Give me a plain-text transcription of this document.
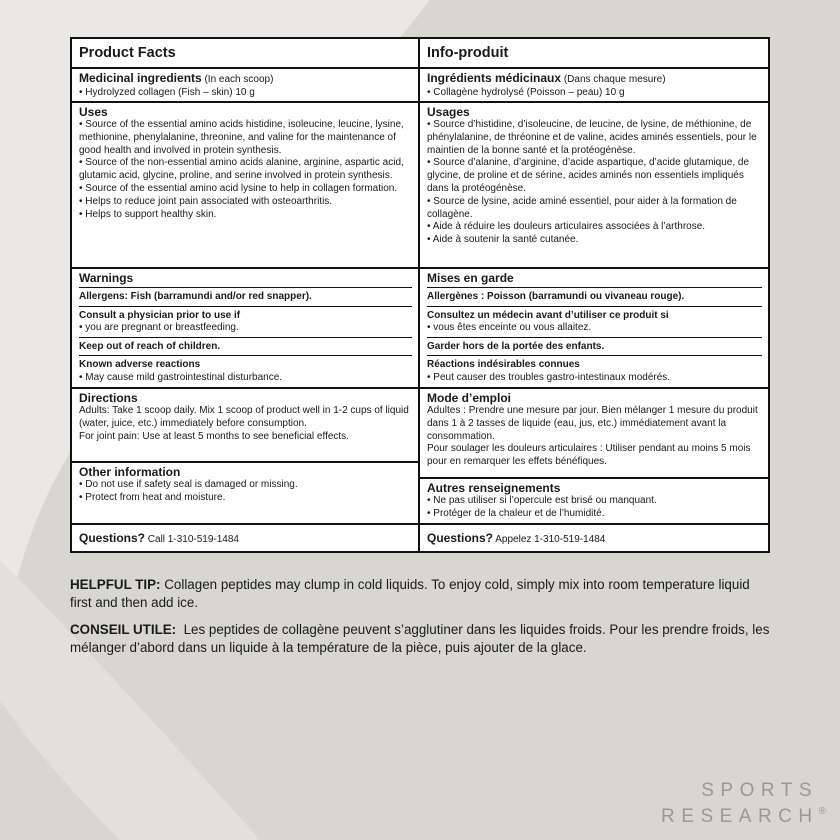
Product Facts
Medicinal ingredients (In each scoop)
• Hydrolyzed collagen (Fish – skin) 10 g
Uses
• Source of the essential amino acids histidine, isoleucine, leucine, lysine, methionine, phenylalanine, threonine, and valine for the maintenance of good health and involved in protein synthesis.
• Source of the non-essential amino acids alanine, arginine, aspartic acid, glutamic acid, glycine, proline, and serine involved in protein synthesis.
• Source of the essential amino acid lysine to help in collagen formation.
• Helps to reduce joint pain associated with osteoarthritis.
• Helps to support healthy skin.
Warnings
Allergens: Fish (barramundi and/or red snapper).
Consult a physician prior to use if
• you are pregnant or breastfeeding.
Keep out of reach of children.
Known adverse reactions
• May cause mild gastrointestinal disturbance.
Directions
Adults: Take 1 scoop daily. Mix 1 scoop of product well in 1-2 cups of liquid (water, juice, etc.) immediately before consumption.
For joint pain: Use at least 5 months to see beneficial effects.
Other information
• Do not use if safety seal is damaged or missing.
• Protect from heat and moisture.
Questions? Call 1-310-519-1484
Info-produit
Ingrédients médicinaux (Dans chaque mesure)
• Collagène hydrolysé (Poisson – peau) 10 g
Usages
• Source d’histidine, d’isoleucine, de leucine, de lysine, de méthionine, de phénylalanine, de thréonine et de valine, acides aminés essentiels, pour le maintien de la bonne santé et la protéogénèse.
• Source d’alanine, d’arginine, d’acide aspartique, d’acide glutamique, de glycine, de proline et de sérine, acides aminés non essentiels impliqués dans la protéogénèse.
• Source de lysine, acide aminé essentiel, pour aider à la formation de collagène.
• Aide à réduire les douleurs articulaires associées à l’arthrose.
• Aide à soutenir la santé cutanée.
Mises en garde
Allergènes : Poisson (barramundi ou vivaneau rouge).
Consultez un médecin avant d’utiliser ce produit si
• vous êtes enceinte ou vous allaitez.
Garder hors de la portée des enfants.
Réactions indésirables connues
• Peut causer des troubles gastro-intestinaux modérés.
Mode d’emploi
Adultes : Prendre une mesure par jour. Bien mélanger 1 mesure du produit dans 1 à 2 tasses de liquide (eau, jus, etc.) immédiatement avant la consommation.
Pour soulager les douleurs articulaires : Utiliser pendant au moins 5 mois pour en remarquer les effets bénéfiques.
Autres renseignements
• Ne pas utiliser si l’opercule est brisé ou manquant.
• Protéger de la chaleur et de l’humidité.
Questions? Appelez 1-310-519-1484
HELPFUL TIP: Collagen peptides may clump in cold liquids. To enjoy cold, simply mix into room temperature liquid first and then add ice.
CONSEIL UTILE:  Les peptides de collagène peuvent s’agglutiner dans les liquides froids. Pour les prendre froids, les mélanger d’abord dans un liquide à la température de la pièce, puis ajouter de la glace.
SPORTS
RESEARCH®
